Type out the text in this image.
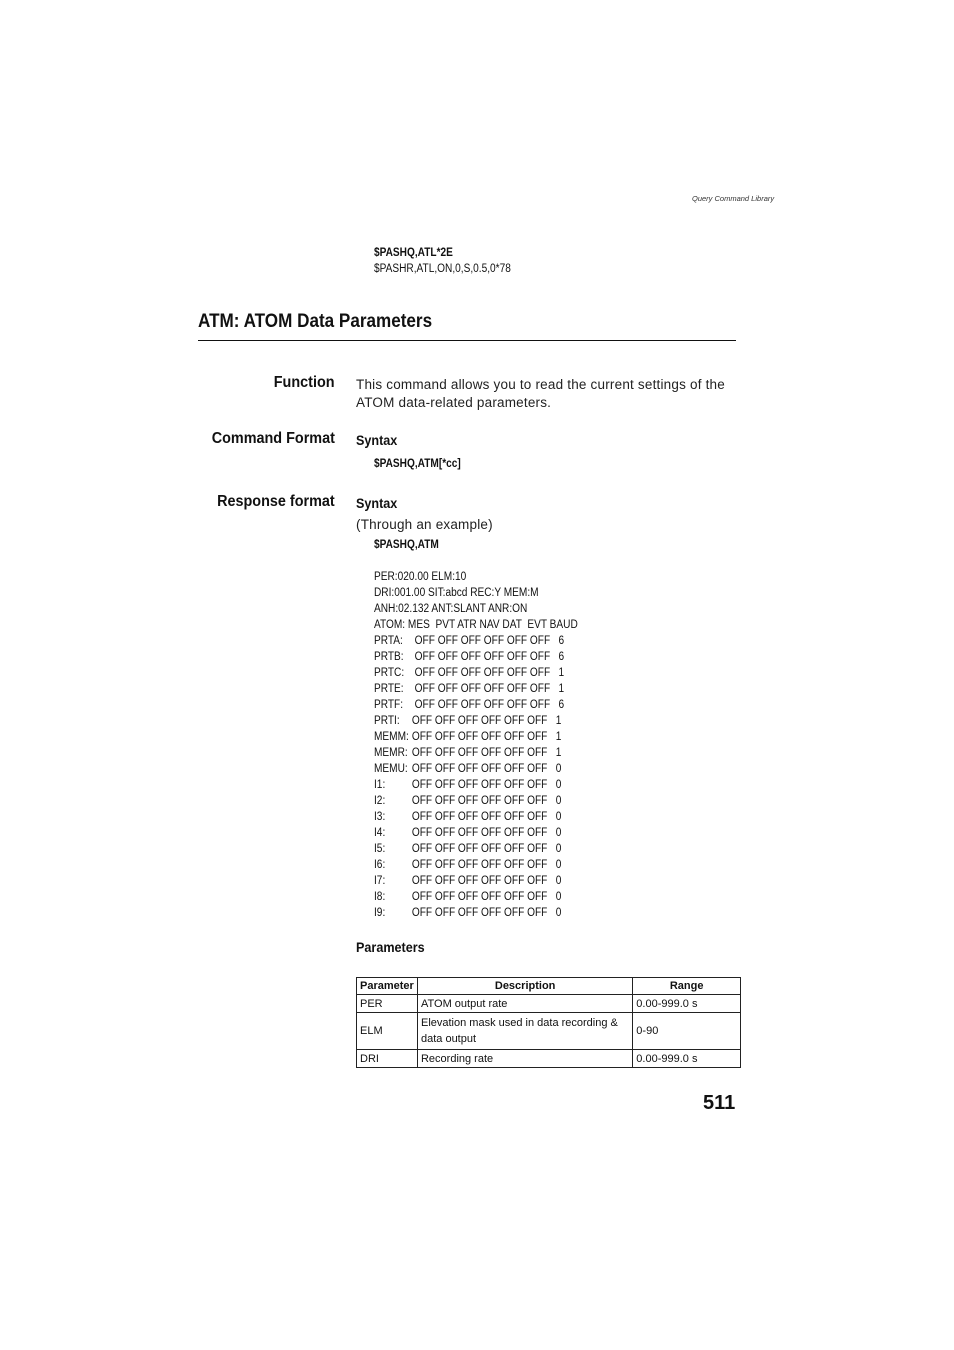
Query Command Library
$PASHQ,ATL*2E
$PASHR,ATL,ON,0,S,0.5,0*78
ATM: ATOM Data Parameters
Function This command allows you to read the current settings of the ATOM data-related parameters.
Command Format Syntax
$PASHQ,ATM[*cc]
Response format Syntax
(Through an example)
$PASHQ,ATM
PER:020.00 ELM:10
DRI:001.00 SIT:abcd REC:Y MEM:M
ANH:02.132 ANT:SLANT ANR:ON
ATOM: MES  PVT ATR NAV DAT  EVT BAUD
PRTA: OFF OFF OFF OFF OFF OFF   6
PRTB: OFF OFF OFF OFF OFF OFF   6
PRTC: OFF OFF OFF OFF OFF OFF   1
PRTE: OFF OFF OFF OFF OFF OFF   1
PRTF: OFF OFF OFF OFF OFF OFF   6
PRTI: OFF OFF OFF OFF OFF OFF   1
MEMM: OFF OFF OFF OFF OFF OFF   1
MEMR: OFF OFF OFF OFF OFF OFF   1
MEMU: OFF OFF OFF OFF OFF OFF   0
I1: OFF OFF OFF OFF OFF OFF   0
I2: OFF OFF OFF OFF OFF OFF   0
I3: OFF OFF OFF OFF OFF OFF   0
I4: OFF OFF OFF OFF OFF OFF   0
I5: OFF OFF OFF OFF OFF OFF   0
I6: OFF OFF OFF OFF OFF OFF   0
I7: OFF OFF OFF OFF OFF OFF   0
I8: OFF OFF OFF OFF OFF OFF   0
I9: OFF OFF OFF OFF OFF OFF   0
Parameters
Parameter	Description	Range
PER	ATOM output rate	0.00-999.0 s
ELM	Elevation mask used in data recording & data output	0-90
DRI	Recording rate	0.00-999.0 s
511
